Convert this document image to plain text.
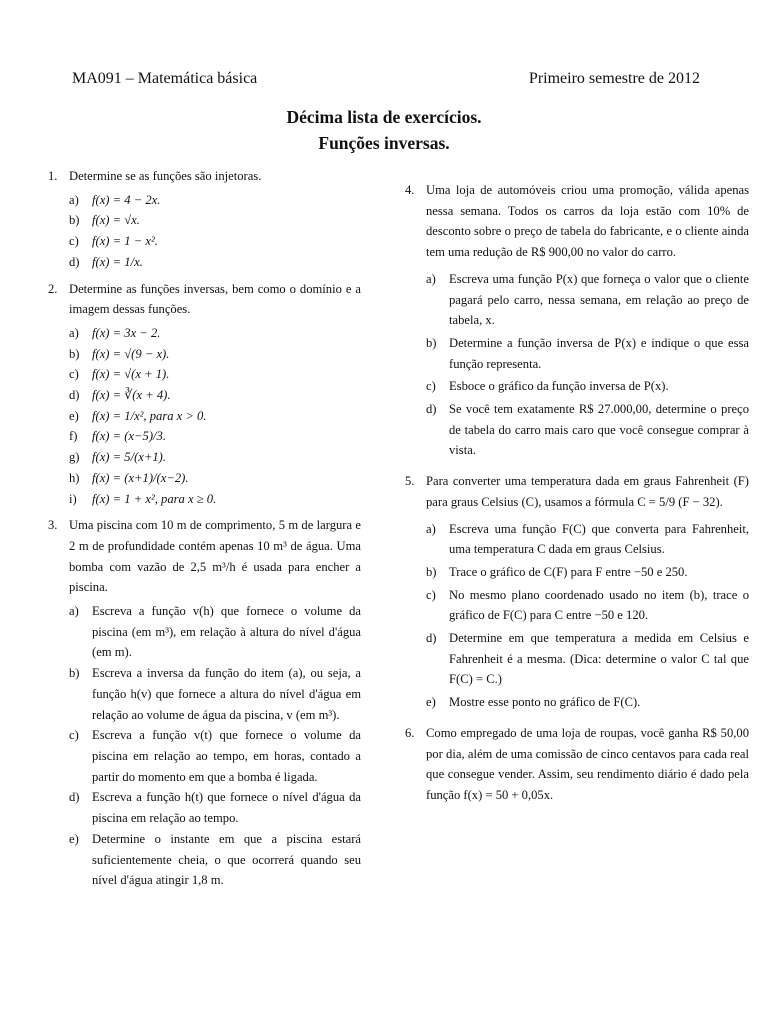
MA091 – Matemática básica	Primeiro semestre de 2012
Décima lista de exercícios.
Funções inversas.
1. Determine se as funções são injetoras.
a) f(x) = 4 − 2x.
b) f(x) = √x.
c) f(x) = 1 − x².
d) f(x) = 1/x.
2. Determine as funções inversas, bem como o domínio e a imagem dessas funções.
a) f(x) = 3x − 2.
b) f(x) = √(9 − x).
c) f(x) = √(x + 1).
d) f(x) = ∛(x + 4).
e) f(x) = 1/x², para x > 0.
f) f(x) = (x−5)/3.
g) f(x) = 5/(x+1).
h) f(x) = (x+1)/(x−2).
i) f(x) = 1 + x², para x ≥ 0.
3. Uma piscina com 10 m de comprimento, 5 m de largura e 2 m de profundidade contém apenas 10 m³ de água. Uma bomba com vazão de 2,5 m³/h é usada para encher a piscina.
a) Escreva a função v(h) que fornece o volume da piscina (em m³), em relação à altura do nível d'água (em m).
b) Escreva a inversa da função do item (a), ou seja, a função h(v) que fornece a altura do nível d'água em relação ao volume de água da piscina, v (em m³).
c) Escreva a função v(t) que fornece o volume da piscina em relação ao tempo, em horas, contado a partir do momento em que a bomba é ligada.
d) Escreva a função h(t) que fornece o nível d'água da piscina em relação ao tempo.
e) Determine o instante em que a piscina estará suficientemente cheia, o que ocorrerá quando seu nível d'água atingir 1,8 m.
4. Uma loja de automóveis criou uma promoção, válida apenas nessa semana. Todos os carros da loja estão com 10% de desconto sobre o preço de tabela do fabricante, e o cliente ainda tem uma redução de R$ 900,00 no valor do carro.
a) Escreva uma função P(x) que forneça o valor que o cliente pagará pelo carro, nessa semana, em relação ao preço de tabela, x.
b) Determine a função inversa de P(x) e indique o que essa função representa.
c) Esboce o gráfico da função inversa de P(x).
d) Se você tem exatamente R$ 27.000,00, determine o preço de tabela do carro mais caro que você consegue comprar à vista.
5. Para converter uma temperatura dada em graus Fahrenheit (F) para graus Celsius (C), usamos a fórmula C = 5/9 (F − 32).
a) Escreva uma função F(C) que converta para Fahrenheit, uma temperatura C dada em graus Celsius.
b) Trace o gráfico de C(F) para F entre −50 e 250.
c) No mesmo plano coordenado usado no item (b), trace o gráfico de F(C) para C entre −50 e 120.
d) Determine em que temperatura a medida em Celsius e Fahrenheit é a mesma. (Dica: determine o valor C tal que F(C) = C.)
e) Mostre esse ponto no gráfico de F(C).
6. Como empregado de uma loja de roupas, você ganha R$ 50,00 por dia, além de uma comissão de cinco centavos para cada real que consegue vender. Assim, seu rendimento diário é dado pela função f(x) = 50 + 0,05x.
